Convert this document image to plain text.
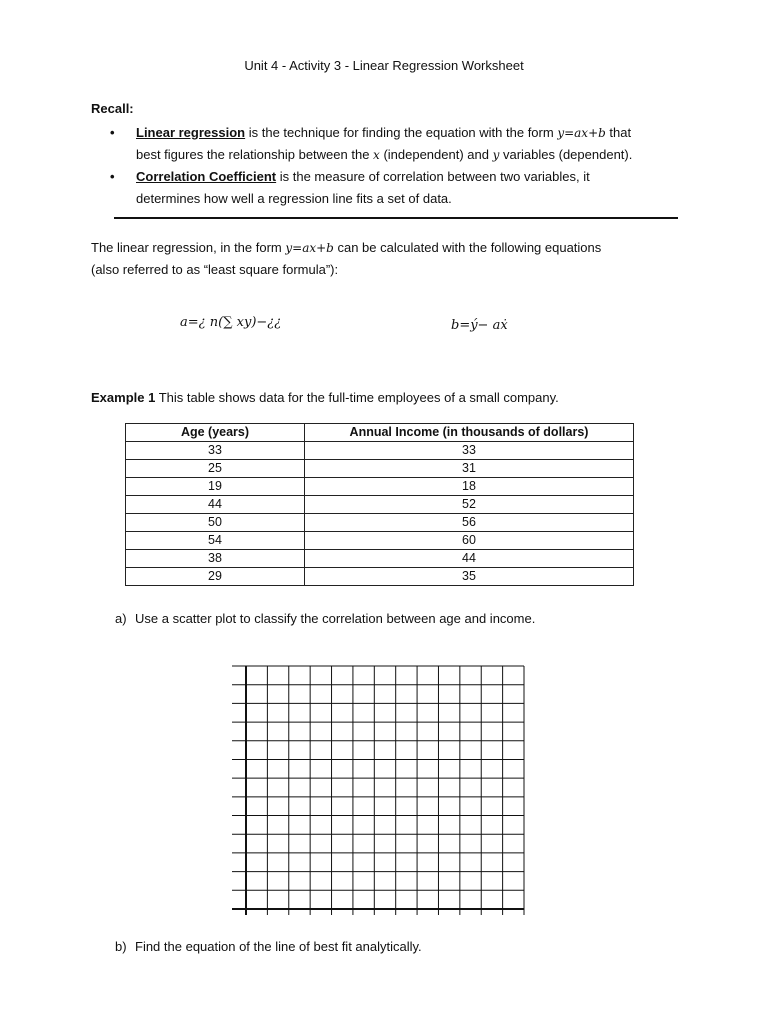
Unit 4 - Activity 3 - Linear Regression Worksheet
Recall:
• Linear regression is the technique for finding the equation with the form y=ax+b that
best figures the relationship between the x (independent) and y variables (dependent).
• Correlation Coefficient is the measure of correlation between two variables, it
determines how well a regression line fits a set of data.
The linear regression, in the form y=ax+b can be calculated with the following equations
(also referred to as “least square formula”):
a=¿ n(∑ xy)−¿¿	b=ý− aẋ
Example 1 This table shows data for the full-time employees of a small company.
Age (years)	Annual Income (in thousands of dollars)
33	33
25	31
19	18
44	52
50	56
54	60
38	44
29	35
a) Use a scatter plot to classify the correlation between age and income.
b) Find the equation of the line of best fit analytically.
